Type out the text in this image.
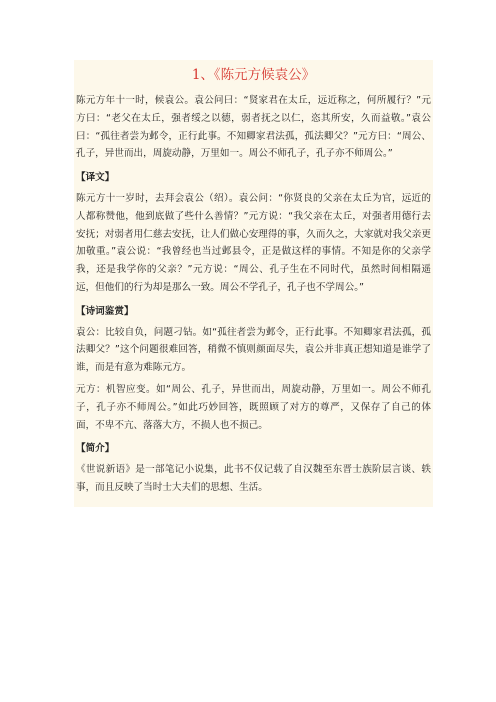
1、《陈元方候袁公》

陈元方年十一时，候袁公。袁公问曰：“贤家君在太丘，远近称之，何所履行？”元方曰：“老父在太丘，强者绥之以德，弱者抚之以仁，恣其所安，久而益敬。”袁公曰：“孤往者尝为邺令，正行此事。不知卿家君法孤，孤法卿父？”元方曰：“周公、孔子，异世而出，周旋动静，万里如一。周公不师孔子，孔子亦不师周公。”

【译文】

陈元方十一岁时，去拜会袁公（绍）。袁公问：“你贤良的父亲在太丘为官，远近的人都称赞他，他到底做了些什么善情？”元方说：“我父亲在太丘，对强者用德行去安抚；对弱者用仁慈去安抚，让人们做心安理得的事，久而久之，大家就对我父亲更加敬重。”袁公说：“我曾经也当过邺县令，正是做这样的事情。不知是你的父亲学我，还是我学你的父亲？”元方说：“周公、孔子生在不同时代，虽然时间相隔遥远，但他们的行为却是那么一致。周公不学孔子，孔子也不学周公。”

【诗词鉴赏】

袁公：比较自负，问题刁钻。如“孤往者尝为邺令，正行此事。不知卿家君法孤，孤法卿父？”这个问题很难回答，稍微不慎则颜面尽失，袁公并非真正想知道是谁学了谁，而是有意为难陈元方。

元方：机智应变。如“周公、孔子，异世而出，周旋动静，万里如一。周公不师孔子，孔子亦不师周公。”如此巧妙回答，既照顾了对方的尊严，又保存了自己的体面，不卑不亢、落落大方，不损人也不损己。

【简介】

《世说新语》是一部笔记小说集，此书不仅记载了自汉魏至东晋士族阶层言谈、轶事，而且反映了当时士大夫们的思想、生活。
